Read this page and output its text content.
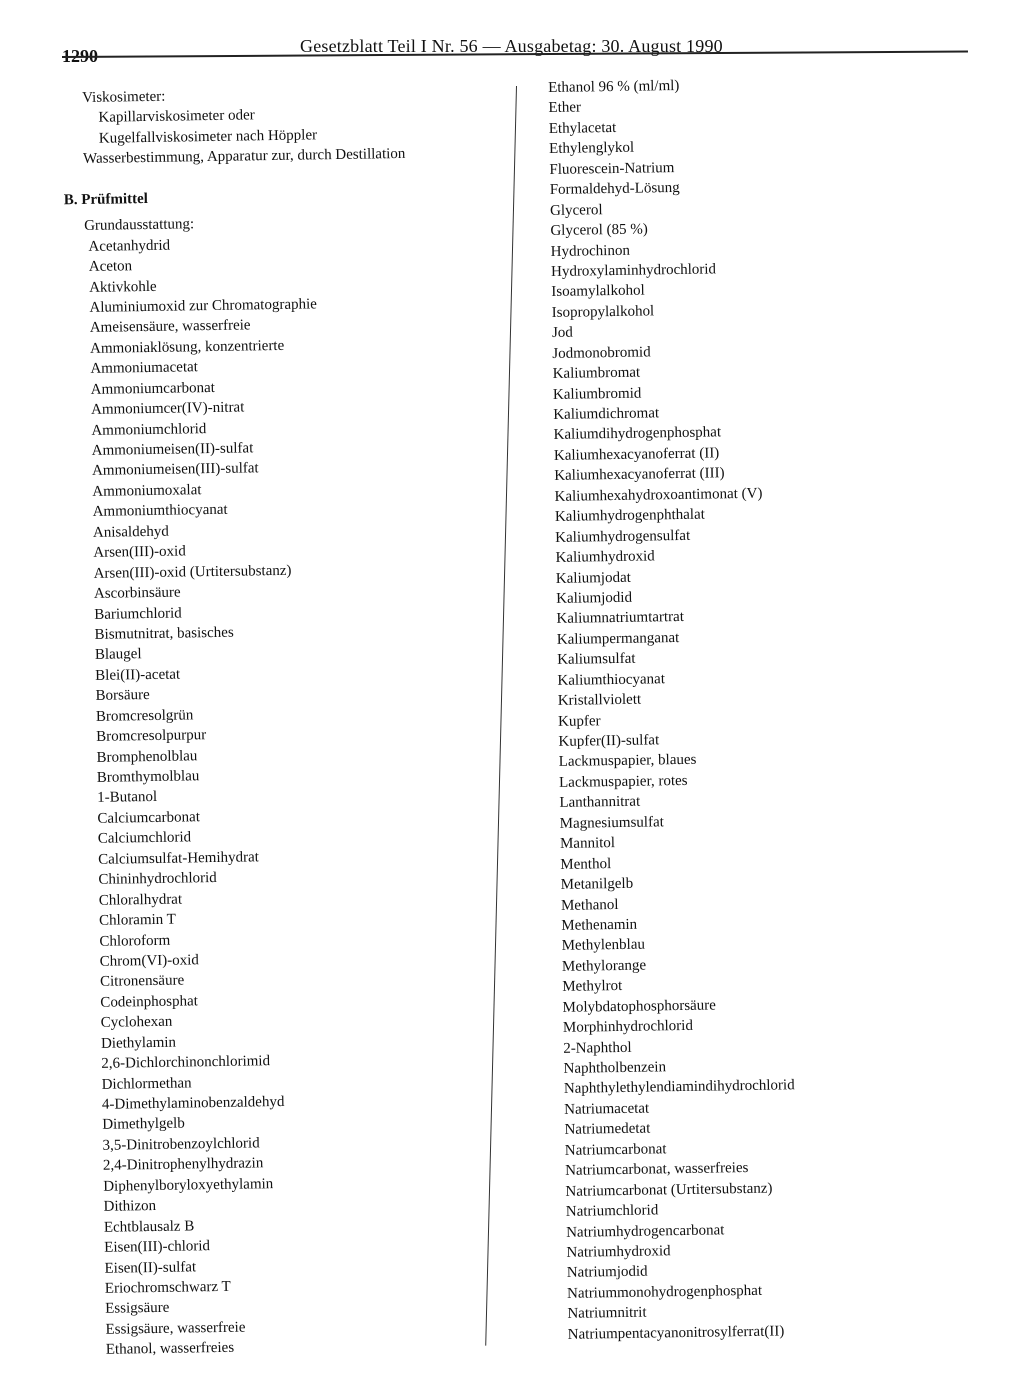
1290	Gesetzblatt Teil I Nr. 56 — Ausgabetag: 30. August 1990
Viskosimeter:
Kapillarviskosimeter oder
Kugelfallviskosimeter nach Höppler
Wasserbestimmung, Apparatur zur, durch Destillation
B. Prüfmittel
Grundausstattung:
Acetanhydrid
Aceton
Aktivkohle
Aluminiumoxid zur Chromatographie
Ameisensäure, wasserfreie
Ammoniaklösung, konzentrierte
Ammoniumacetat
Ammoniumcarbonat
Ammoniumcer(IV)-nitrat
Ammoniumchlorid
Ammoniumeisen(II)-sulfat
Ammoniumeisen(III)-sulfat
Ammoniumoxalat
Ammoniumthiocyanat
Anisaldehyd
Arsen(III)-oxid
Arsen(III)-oxid (Urtitersubstanz)
Ascorbinsäure
Bariumchlorid
Bismutnitrat, basisches
Blaugel
Blei(II)-acetat
Borsäure
Bromcresolgrün
Bromcresolpurpur
Bromphenolblau
Bromthymolblau
1-Butanol
Calciumcarbonat
Calciumchlorid
Calciumsulfat-Hemihydrat
Chininhydrochlorid
Chloralhydrat
Chloramin T
Chloroform
Chrom(VI)-oxid
Citronensäure
Codeinphosphat
Cyclohexan
Diethylamin
2,6-Dichlorchinonchlorimid
Dichlormethan
4-Dimethylaminobenzaldehyd
Dimethylgelb
3,5-Dinitrobenzoylchlorid
2,4-Dinitrophenylhydrazin
Diphenylboryloxyethylamin
Dithizon
Echtblausalz B
Eisen(III)-chlorid
Eisen(II)-sulfat
Eriochromschwarz T
Essigsäure
Essigsäure, wasserfreie
Ethanol, wasserfreies
Ethanol 96 % (ml/ml)
Ether
Ethylacetat
Ethylenglykol
Fluorescein-Natrium
Formaldehyd-Lösung
Glycerol
Glycerol (85 %)
Hydrochinon
Hydroxylaminhydrochlorid
Isoamylalkohol
Isopropylalkohol
Jod
Jodmonobromid
Kaliumbromat
Kaliumbromid
Kaliumdichromat
Kaliumdihydrogenphosphat
Kaliumhexacyanoferrat (II)
Kaliumhexacyanoferrat (III)
Kaliumhexahydroxoantimonat (V)
Kaliumhydrogenphthalat
Kaliumhydrogensulfat
Kaliumhydroxid
Kaliumjodat
Kaliumjodid
Kaliumnatriumtartrat
Kaliumpermanganat
Kaliumsulfat
Kaliumthiocyanat
Kristallviolett
Kupfer
Kupfer(II)-sulfat
Lackmuspapier, blaues
Lackmuspapier, rotes
Lanthannitrat
Magnesiumsulfat
Mannitol
Menthol
Metanilgelb
Methanol
Methenamin
Methylenblau
Methylorange
Methylrot
Molybdatophosphorsäure
Morphinhydrochlorid
2-Naphthol
Naphtholbenzein
Naphthylethylendiamindihydrochlorid
Natriumacetat
Natriumedetat
Natriumcarbonat
Natriumcarbonat, wasserfreies
Natriumcarbonat (Urtitersubstanz)
Natriumchlorid
Natriumhydrogencarbonat
Natriumhydroxid
Natriumjodid
Natriummonohydrogenphosphat
Natriumnitrit
Natriumpentacyanonitrosylferrat(II)
